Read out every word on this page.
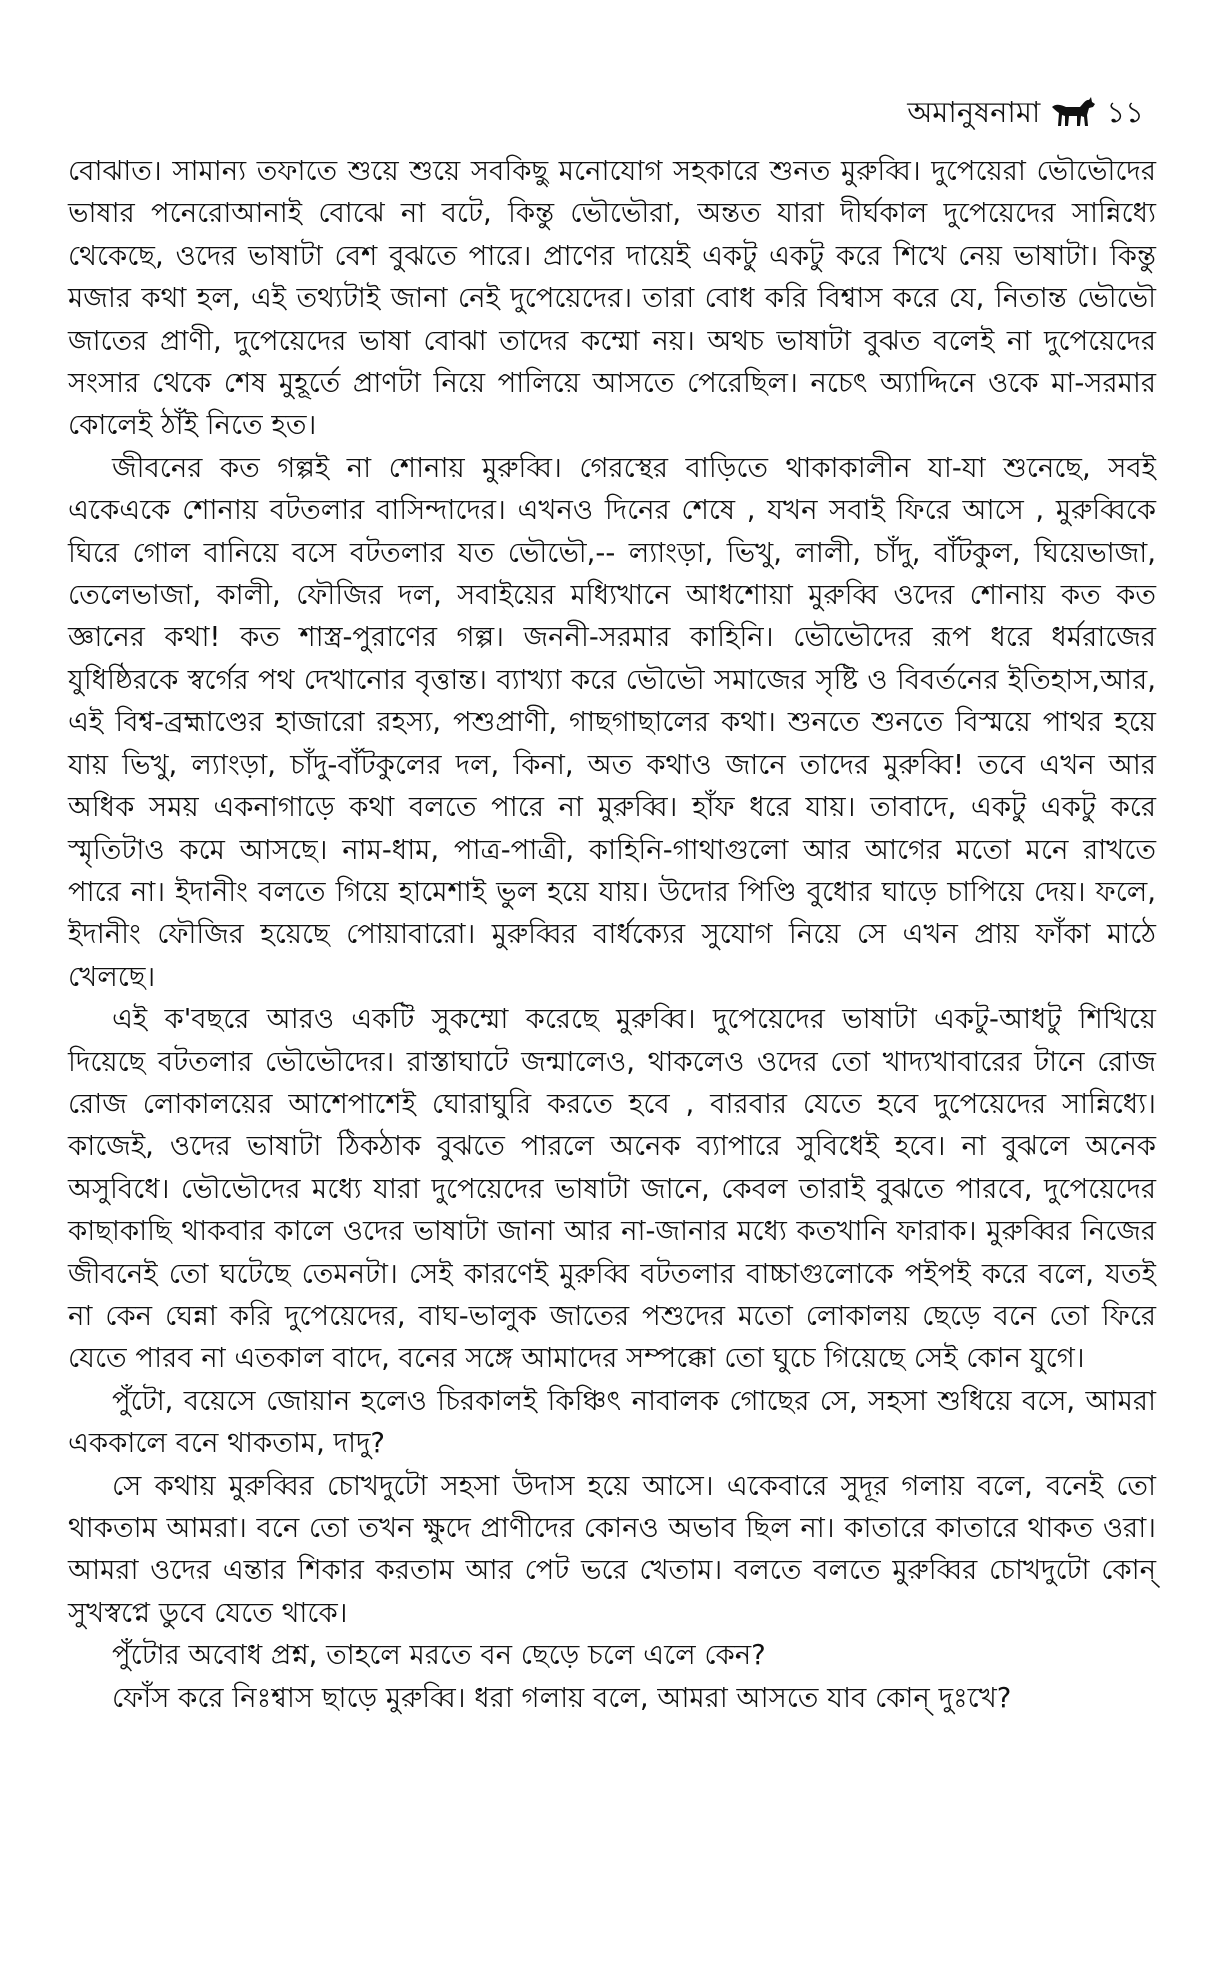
অমানুষনামা ১১

বোঝাত। সামান্য তফাতে শুয়ে শুয়ে সবকিছু মনোযোগ সহকারে শুনত মুরুব্বি। দুপেয়েরা ভৌভৌদের ভাষার পনেরোআনাই বোঝে না বটে, কিন্তু ভৌভৌরা, অন্তত যারা দীর্ঘকাল দুপেয়েদের সান্নিধ্যে থেকেছে, ওদের ভাষাটা বেশ বুঝতে পারে। প্রাণের দায়েই একটু একটু করে শিখে নেয় ভাষাটা। কিন্তু মজার কথা হল, এই তথ্যটাই জানা নেই দুপেয়েদের। তারা বোধ করি বিশ্বাস করে যে, নিতান্ত ভৌভৌ জাতের প্রাণী, দুপেয়েদের ভাষা বোঝা তাদের কম্মো নয়। অথচ ভাষাটা বুঝত বলেই না দুপেয়েদের সংসার থেকে শেষ মুহূর্তে প্রাণটা নিয়ে পালিয়ে আসতে পেরেছিল। নচেৎ অ্যাদ্দিনে ওকে মা-সরমার কোলেই ঠাঁই নিতে হত।

জীবনের কত গল্পই না শোনায় মুরুব্বি। গেরস্থের বাড়িতে থাকাকালীন যা-যা শুনেছে, সবই একেএকে শোনায় বটতলার বাসিন্দাদের। এখনও দিনের শেষে , যখন সবাই ফিরে আসে , মুরুব্বিকে ঘিরে গোল বানিয়ে বসে বটতলার যত ভৌভৌ,-- ল্যাংড়া, ভিখু, লালী, চাঁদু, বাঁটকুল, ঘিয়েভাজা, তেলেভাজা, কালী, ফৌজির দল, সবাইয়ের মধ্যিখানে আধশোয়া মুরুব্বি ওদের শোনায় কত কত জ্ঞানের কথা! কত শাস্ত্র-পুরাণের গল্প। জননী-সরমার কাহিনি। ভৌভৌদের রূপ ধরে ধর্মরাজের যুধিষ্ঠিরকে স্বর্গের পথ দেখানোর বৃত্তান্ত। ব্যাখ্যা করে ভৌভৌ সমাজের সৃষ্টি ও বিবর্তনের ইতিহাস,আর, এই বিশ্ব-ব্রহ্মাণ্ডের হাজারো রহস্য, পশুপ্রাণী, গাছগাছালের কথা। শুনতে শুনতে বিস্ময়ে পাথর হয়ে যায় ভিখু, ল্যাংড়া, চাঁদু-বাঁটকুলের দল, কিনা, অত কথাও জানে তাদের মুরুব্বি! তবে এখন আর অধিক সময় একনাগাড়ে কথা বলতে পারে না মুরুব্বি। হাঁফ ধরে যায়। তাবাদে, একটু একটু করে স্মৃতিটাও কমে আসছে। নাম-ধাম, পাত্র-পাত্রী, কাহিনি-গাথাগুলো আর আগের মতো মনে রাখতে পারে না। ইদানীং বলতে গিয়ে হামেশাই ভুল হয়ে যায়। উদোর পিণ্ডি বুধোর ঘাড়ে চাপিয়ে দেয়। ফলে, ইদানীং ফৌজির হয়েছে পোয়াবারো। মুরুব্বির বার্ধক্যের সুযোগ নিয়ে সে এখন প্রায় ফাঁকা মাঠে খেলছে।

এই ক'বছরে আরও একটি সুকম্মো করেছে মুরুব্বি। দুপেয়েদের ভাষাটা একটু-আধটু শিখিয়ে দিয়েছে বটতলার ভৌভৌদের। রাস্তাঘাটে জন্মালেও, থাকলেও ওদের তো খাদ্যখাবারের টানে রোজ রোজ লোকালয়ের আশেপাশেই ঘোরাঘুরি করতে হবে , বারবার যেতে হবে দুপেয়েদের সান্নিধ্যে। কাজেই, ওদের ভাষাটা ঠিকঠাক বুঝতে পারলে অনেক ব্যাপারে সুবিধেই হবে। না বুঝলে অনেক অসুবিধে। ভৌভৌদের মধ্যে যারা দুপেয়েদের ভাষাটা জানে, কেবল তারাই বুঝতে পারবে, দুপেয়েদের কাছাকাছি থাকবার কালে ওদের ভাষাটা জানা আর না-জানার মধ্যে কতখানি ফারাক। মুরুব্বির নিজের জীবনেই তো ঘটেছে তেমনটা। সেই কারণেই মুরুব্বি বটতলার বাচ্চাগুলোকে পইপই করে বলে, যতই না কেন ঘেন্না করি দুপেয়েদের, বাঘ-ভালুক জাতের পশুদের মতো লোকালয় ছেড়ে বনে তো ফিরে যেতে পারব না এতকাল বাদে, বনের সঙ্গে আমাদের সম্পক্কো তো ঘুচে গিয়েছে সেই কোন যুগে।

পুঁটো, বয়েসে জোয়ান হলেও চিরকালই কিঞ্চিৎ নাবালক গোছের সে, সহসা শুধিয়ে বসে, আমরা এককালে বনে থাকতাম, দাদু?

সে কথায় মুরুব্বির চোখদুটো সহসা উদাস হয়ে আসে। একেবারে সুদূর গলায় বলে, বনেই তো থাকতাম আমরা। বনে তো তখন ক্ষুদে প্রাণীদের কোনও অভাব ছিল না। কাতারে কাতারে থাকত ওরা। আমরা ওদের এন্তার শিকার করতাম আর পেট ভরে খেতাম। বলতে বলতে মুরুব্বির চোখদুটো কোন্ সুখস্বপ্নে ডুবে যেতে থাকে।

পুঁটোর অবোধ প্রশ্ন, তাহলে মরতে বন ছেড়ে চলে এলে কেন?

ফোঁস করে নিঃশ্বাস ছাড়ে মুরুব্বি। ধরা গলায় বলে, আমরা আসতে যাব কোন্ দুঃখে?
